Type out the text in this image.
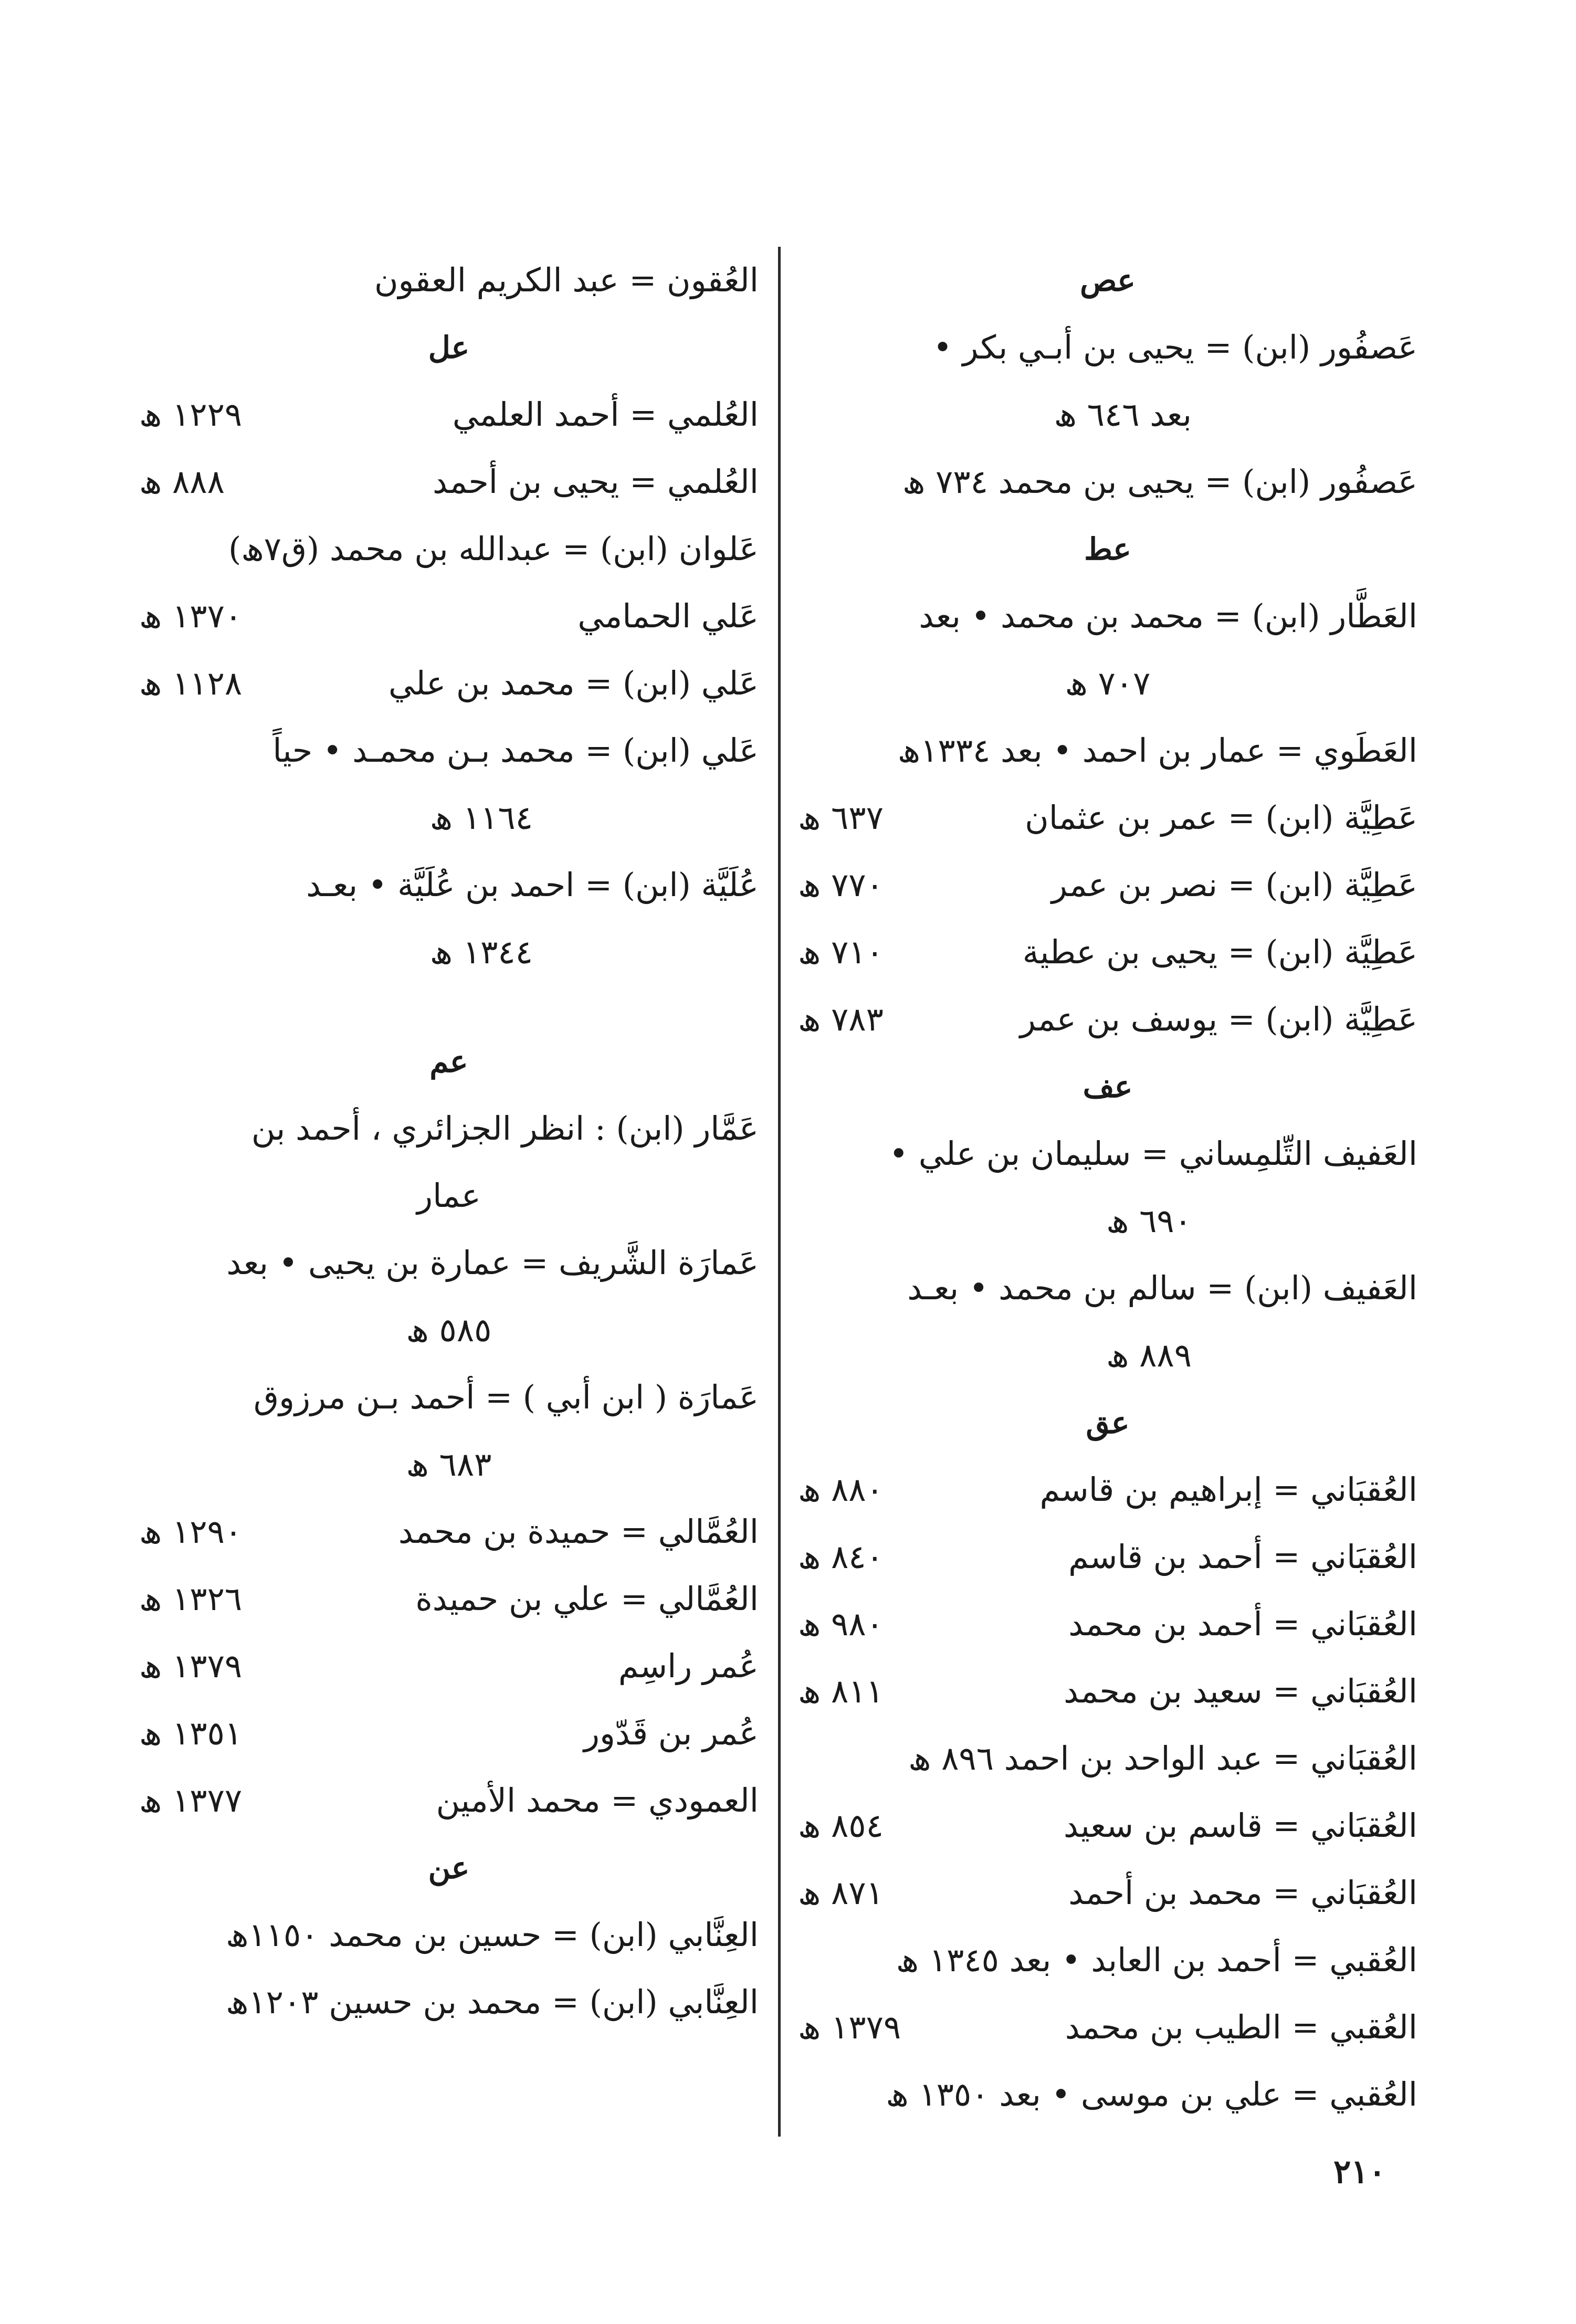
عص
عَصفُور (ابن) = يحيى بن أبـي بكر •
بعد ٦٤٦ ھ
عَصفُور (ابن) = يحيى بن محمد ٧٣٤ ھ
عط
العَطَّار (ابن) = محمد بن محمد • بعد
٧٠٧ ھ
العَطَوي = عمار بن احمد • بعد ١٣٣٤ھ
عَطِيَّة (ابن) = عمر بن عثمان
٦٣٧ ھ
عَطِيَّة (ابن) = نصر بن عمر
٧٧٠ ھ
عَطِيَّة (ابن) = يحيى بن عطية
٧١٠ ھ
عَطِيَّة (ابن) = يوسف بن عمر
٧٨٣ ھ
عف
العَفيف التِّلمِساني = سليمان بن علي •
٦٩٠ ھ
العَفيف (ابن) = سالم بن محمد • بعـد
٨٨٩ ھ
عق
العُقبَاني = إبراهيم بن قاسم
٨٨٠ ھ
العُقبَاني = أحمد بن قاسم
٨٤٠ ھ
العُقبَاني = أحمد بن محمد
٩٨٠ ھ
العُقبَاني = سعيد بن محمد
٨١١ ھ
العُقبَاني = عبد الواحد بن احمد ٨٩٦ ھ
العُقبَاني = قاسم بن سعيد
٨٥٤ ھ
العُقبَاني = محمد بن أحمد
٨٧١ ھ
العُقبي = أحمد بن العابد • بعد ١٣٤٥ ھ
العُقبي = الطيب بن محمد
١٣٧٩ ھ
العُقبي = علي بن موسى • بعد ١٣٥٠ ھ
العُقون = عبد الكريم العقون
عل
العُلمي = أحمد العلمي
١٢٢٩ ھ
العُلمي = يحيى بن أحمد
٨٨٨ ھ
عَلوان (ابن) = عبدالله بن محمد (ق٧ھ)
عَلي الحمامي
١٣٧٠ ھ
عَلي (ابن) = محمد بن علي
١١٢٨ ھ
عَلي (ابن) = محمد بـن محمـد • حياً
١١٦٤ ھ
عُلَيَّة (ابن) = احمد بن عُلَيَّة • بعـد
١٣٤٤ ھ
عم
عَمَّار (ابن) : انظر الجزائري ، أحمد بن
عمار
عَمارَة الشَّريف = عمارة بن يحيى • بعد
٥٨٥ ھ
عَمارَة ( ابن أبي ) = أحمد بـن مرزوق
٦٨٣ ھ
العُمَّالي = حميدة بن محمد
١٢٩٠ ھ
العُمَّالي = علي بن حميدة
١٣٢٦ ھ
عُمر راسِم
١٣٧٩ ھ
عُمر بن قَدّور
١٣٥١ ھ
العمودي = محمد الأمين
١٣٧٧ ھ
عن
العِنَّابي (ابن) = حسين بن محمد ١١٥٠ھ
العِنَّابي (ابن) = محمد بن حسين ١٢٠٣ھ
٢١٠
